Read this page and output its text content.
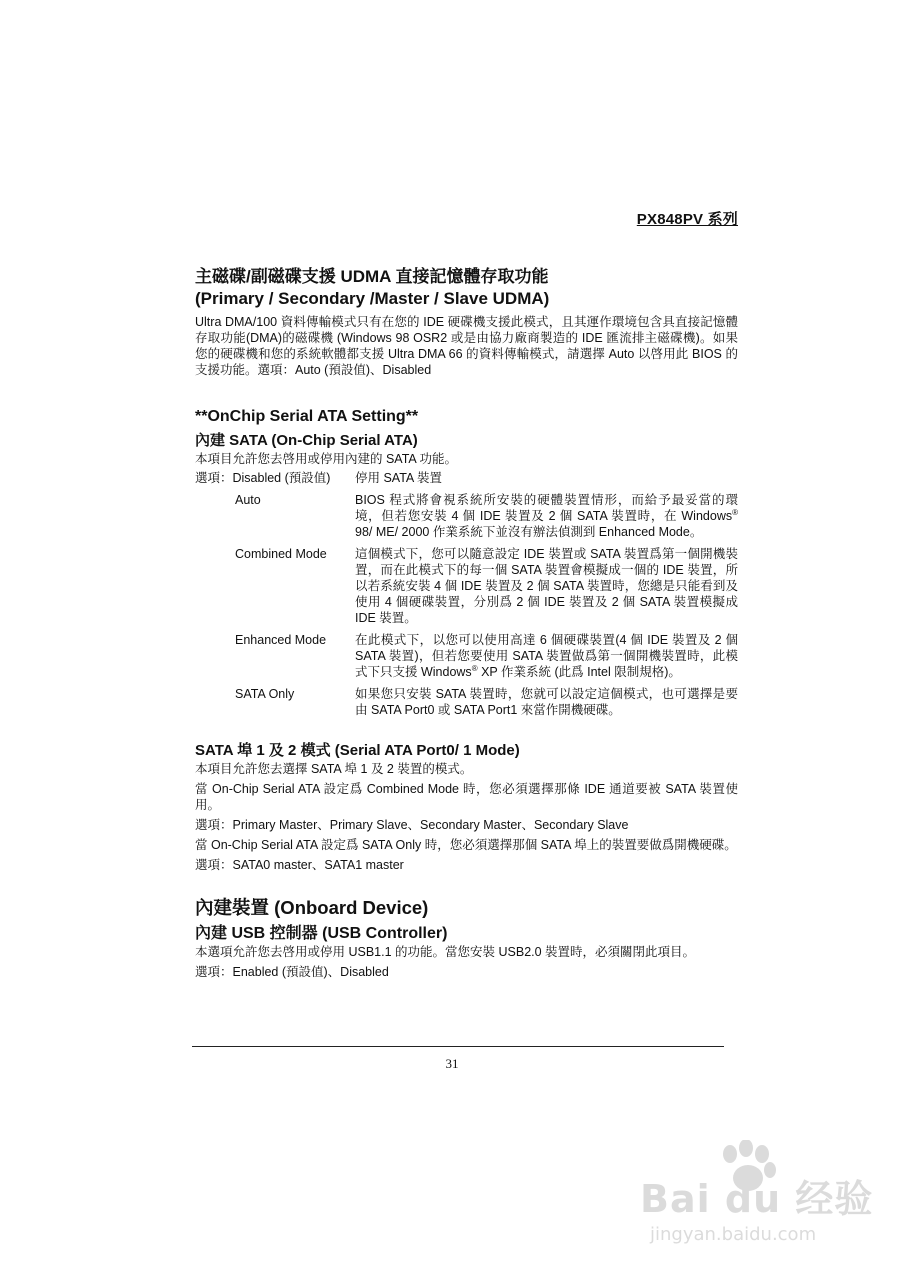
PX848PV 系列
主磁碟/副磁碟支援 UDMA 直接記憶體存取功能
(Primary / Secondary /Master / Slave UDMA)

Ultra DMA/100 資料傳輸模式只有在您的 IDE 硬碟機支援此模式，且其運作環境包含具直接記憶體存取功能(DMA)的磁碟機 (Windows 98 OSR2 或是由協力廠商製造的 IDE 匯流排主磁碟機)。如果您的硬碟機和您的系統軟體都支援 Ultra DMA 66 的資料傳輸模式，請選擇 Auto 以啓用此 BIOS 的支援功能。選項：Auto (預設值)、Disabled

**OnChip Serial ATA Setting**
內建 SATA (On-Chip Serial ATA)

本項目允許您去啓用或停用內建的 SATA 功能。

選項：Disabled (預設值)	停用 SATA 裝置
Auto	BIOS 程式將會視系統所安裝的硬體裝置情形，而給予最妥當的環境，但若您安裝 4 個 IDE 裝置及 2 個 SATA 裝置時，在 Windows® 98/ ME/ 2000 作業系統下並沒有辦法偵測到 Enhanced Mode。
Combined Mode	這個模式下，您可以隨意設定 IDE 裝置或 SATA 裝置爲第一個開機裝置，而在此模式下的每一個 SATA 裝置會模擬成一個的 IDE 裝置，所以若系統安裝 4 個 IDE 裝置及 2 個 SATA 裝置時，您總是只能看到及使用 4 個硬碟裝置，分別爲 2 個 IDE 裝置及 2 個 SATA 裝置模擬成 IDE 裝置。
Enhanced Mode	在此模式下，以您可以使用高達 6 個硬碟裝置(4 個 IDE 裝置及 2 個 SATA 裝置)，但若您要使用 SATA 裝置做爲第一個開機裝置時，此模式下只支援 Windows® XP 作業系統 (此爲 Intel 限制規格)。
SATA Only	如果您只安裝 SATA 裝置時，您就可以設定這個模式，也可選擇是要由 SATA Port0 或 SATA Port1 來當作開機硬碟。
SATA 埠 1 及 2 模式 (Serial ATA Port0/ 1 Mode)

本項目允許您去選擇 SATA 埠 1 及 2 裝置的模式。

當 On-Chip Serial ATA 設定爲 Combined Mode 時，您必須選擇那條 IDE 通道要被 SATA 裝置使用。

選項：Primary Master、Primary Slave、Secondary Master、Secondary Slave

當 On-Chip Serial ATA 設定爲 SATA Only 時，您必須選擇那個 SATA 埠上的裝置要做爲開機硬碟。

選項：SATA0 master、SATA1 master

內建裝置 (Onboard Device)
內建 USB 控制器 (USB Controller)

本選項允許您去啓用或停用 USB1.1 的功能。當您安裝 USB2.0 裝置時，必須關閉此項目。

選項：Enabled (預設值)、Disabled

31
Bai du 经验
jingyan.baidu.com
